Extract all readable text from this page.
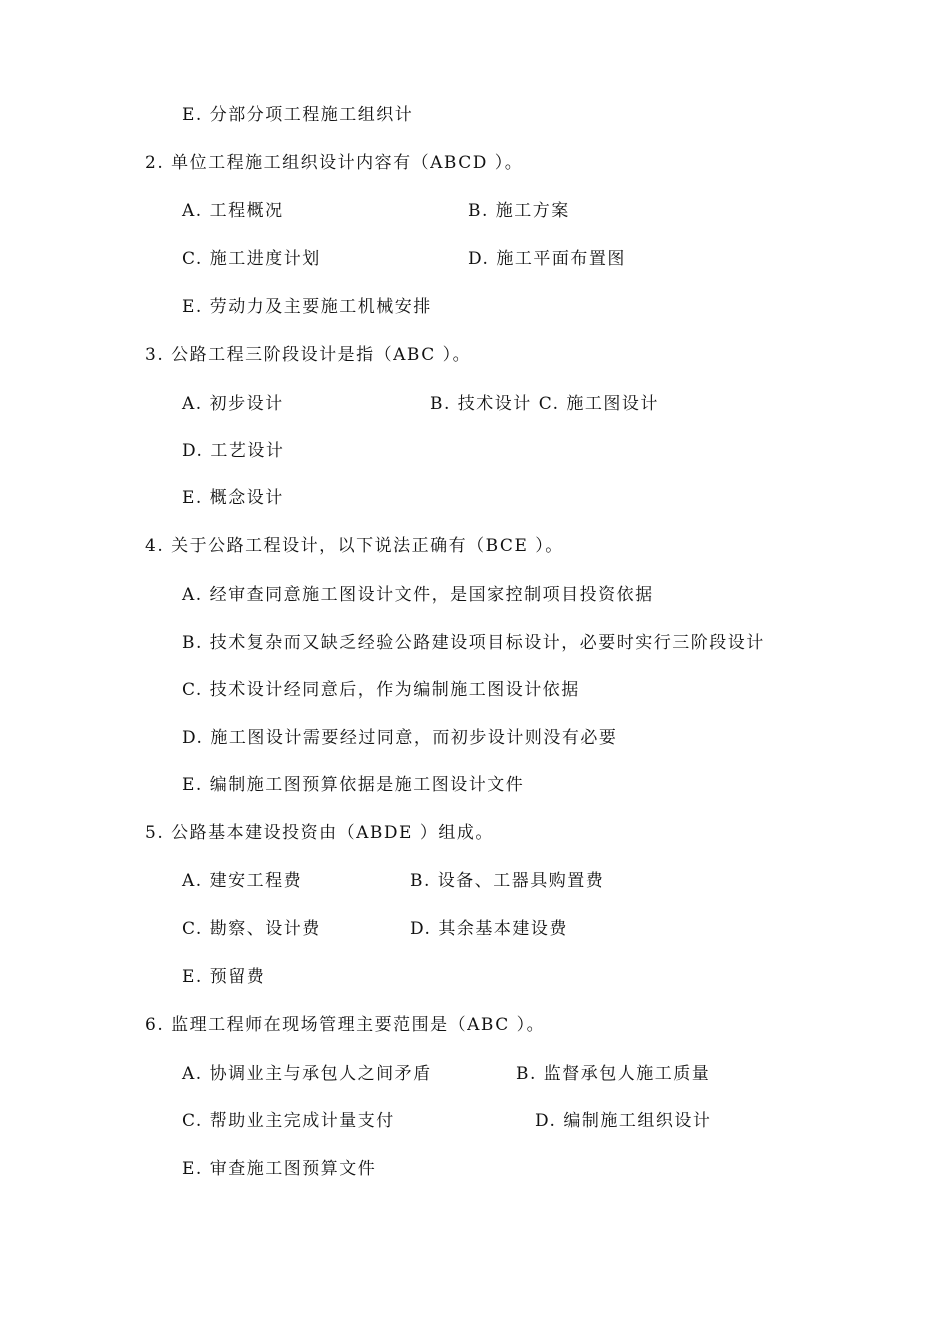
E. 分部分项工程施工组织计
2. 单位工程施工组织设计内容有（ABCD ）。
A. 工程概况	B. 施工方案
C. 施工进度计划	D. 施工平面布置图
E. 劳动力及主要施工机械安排
3. 公路工程三阶段设计是指（ABC ）。
A. 初步设计	B. 技术设计 C. 施工图设计
D. 工艺设计
E. 概念设计
4. 关于公路工程设计，以下说法正确有（BCE ）。
A. 经审查同意施工图设计文件，是国家控制项目投资依据
B. 技术复杂而又缺乏经验公路建设项目标设计，必要时实行三阶段设计
C. 技术设计经同意后，作为编制施工图设计依据
D. 施工图设计需要经过同意，而初步设计则没有必要
E. 编制施工图预算依据是施工图设计文件
5. 公路基本建设投资由（ABDE ）组成。
A. 建安工程费	B. 设备、工器具购置费
C. 勘察、设计费	D. 其余基本建设费
E. 预留费
6. 监理工程师在现场管理主要范围是（ABC ）。
A. 协调业主与承包人之间矛盾	B. 监督承包人施工质量
C. 帮助业主完成计量支付	D. 编制施工组织设计
E. 审查施工图预算文件
